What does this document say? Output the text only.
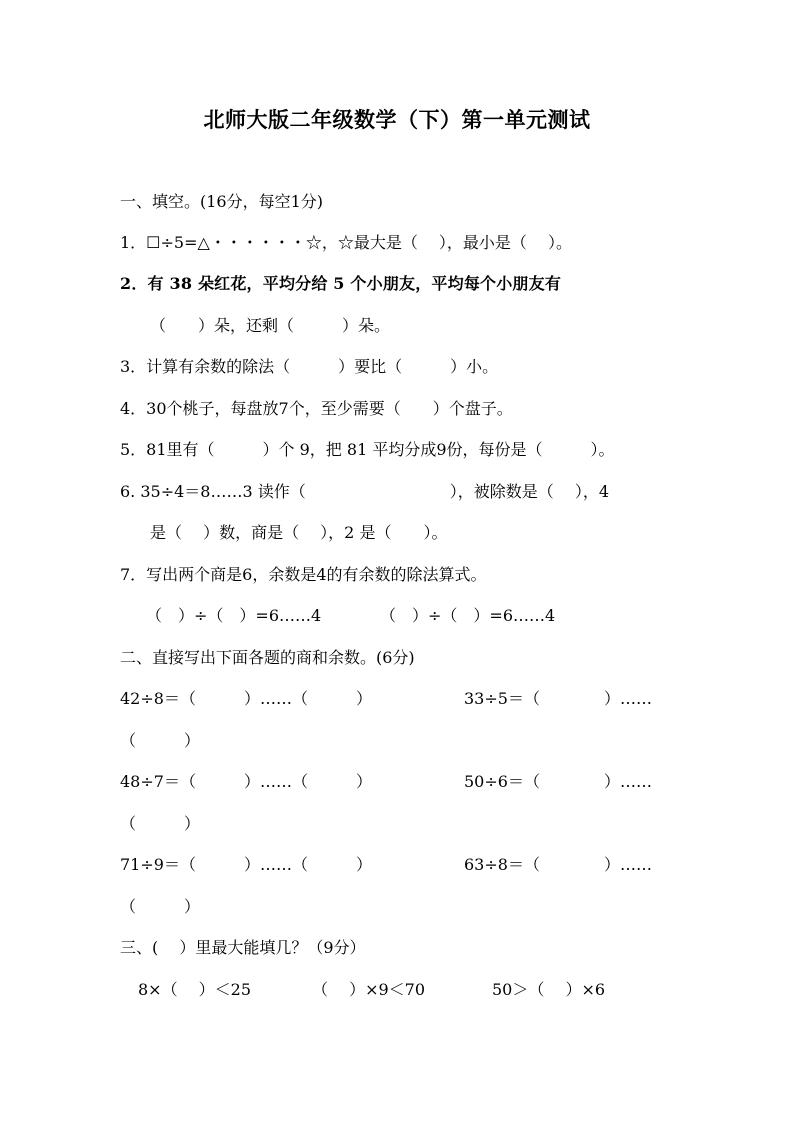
北师大版二年级数学（下）第一单元测试
一、填空。(16分，每空1分)
1．☐÷5=△・・・・・・☆，☆最大是（　 ），最小是（　 ）。
2．有 38 朵红花，平均分给 5 个小朋友，平均每个小朋友有
（　　）朵，还剩（　　　）朵。
3．计算有余数的除法（　　　）要比（　　　）小。
4．30个桃子，每盘放7个，至少需要（　　）个盘子。
5．81里有（　　　）个 9，把 81 平均分成9份，每份是（　　　）。
6. 35÷4＝8……3 读作（　　　　　　　　　），被除数是（　 ），4
是（　 ）数，商是（　 ），2 是（　　）。
7．写出两个商是6，余数是4的有余数的除法算式。
（　）÷（　）=6……4	（　）÷（　）=6……4
二、直接写出下面各题的商和余数。(6分)
42÷8＝（　　　）……（　　　）	33÷5＝（　　　　）……
（　　　）
48÷7＝（　　　）……（　　　）	50÷6＝（　　　　）……
（　　　）
71÷9＝（　　　）……（　　　）	63÷8＝（　　　　）……
（　　　）
三、(　 ）里最大能填几？（9分）
8×（　 ）＜25	（　 ）×9＜70	50＞（　 ）×6
